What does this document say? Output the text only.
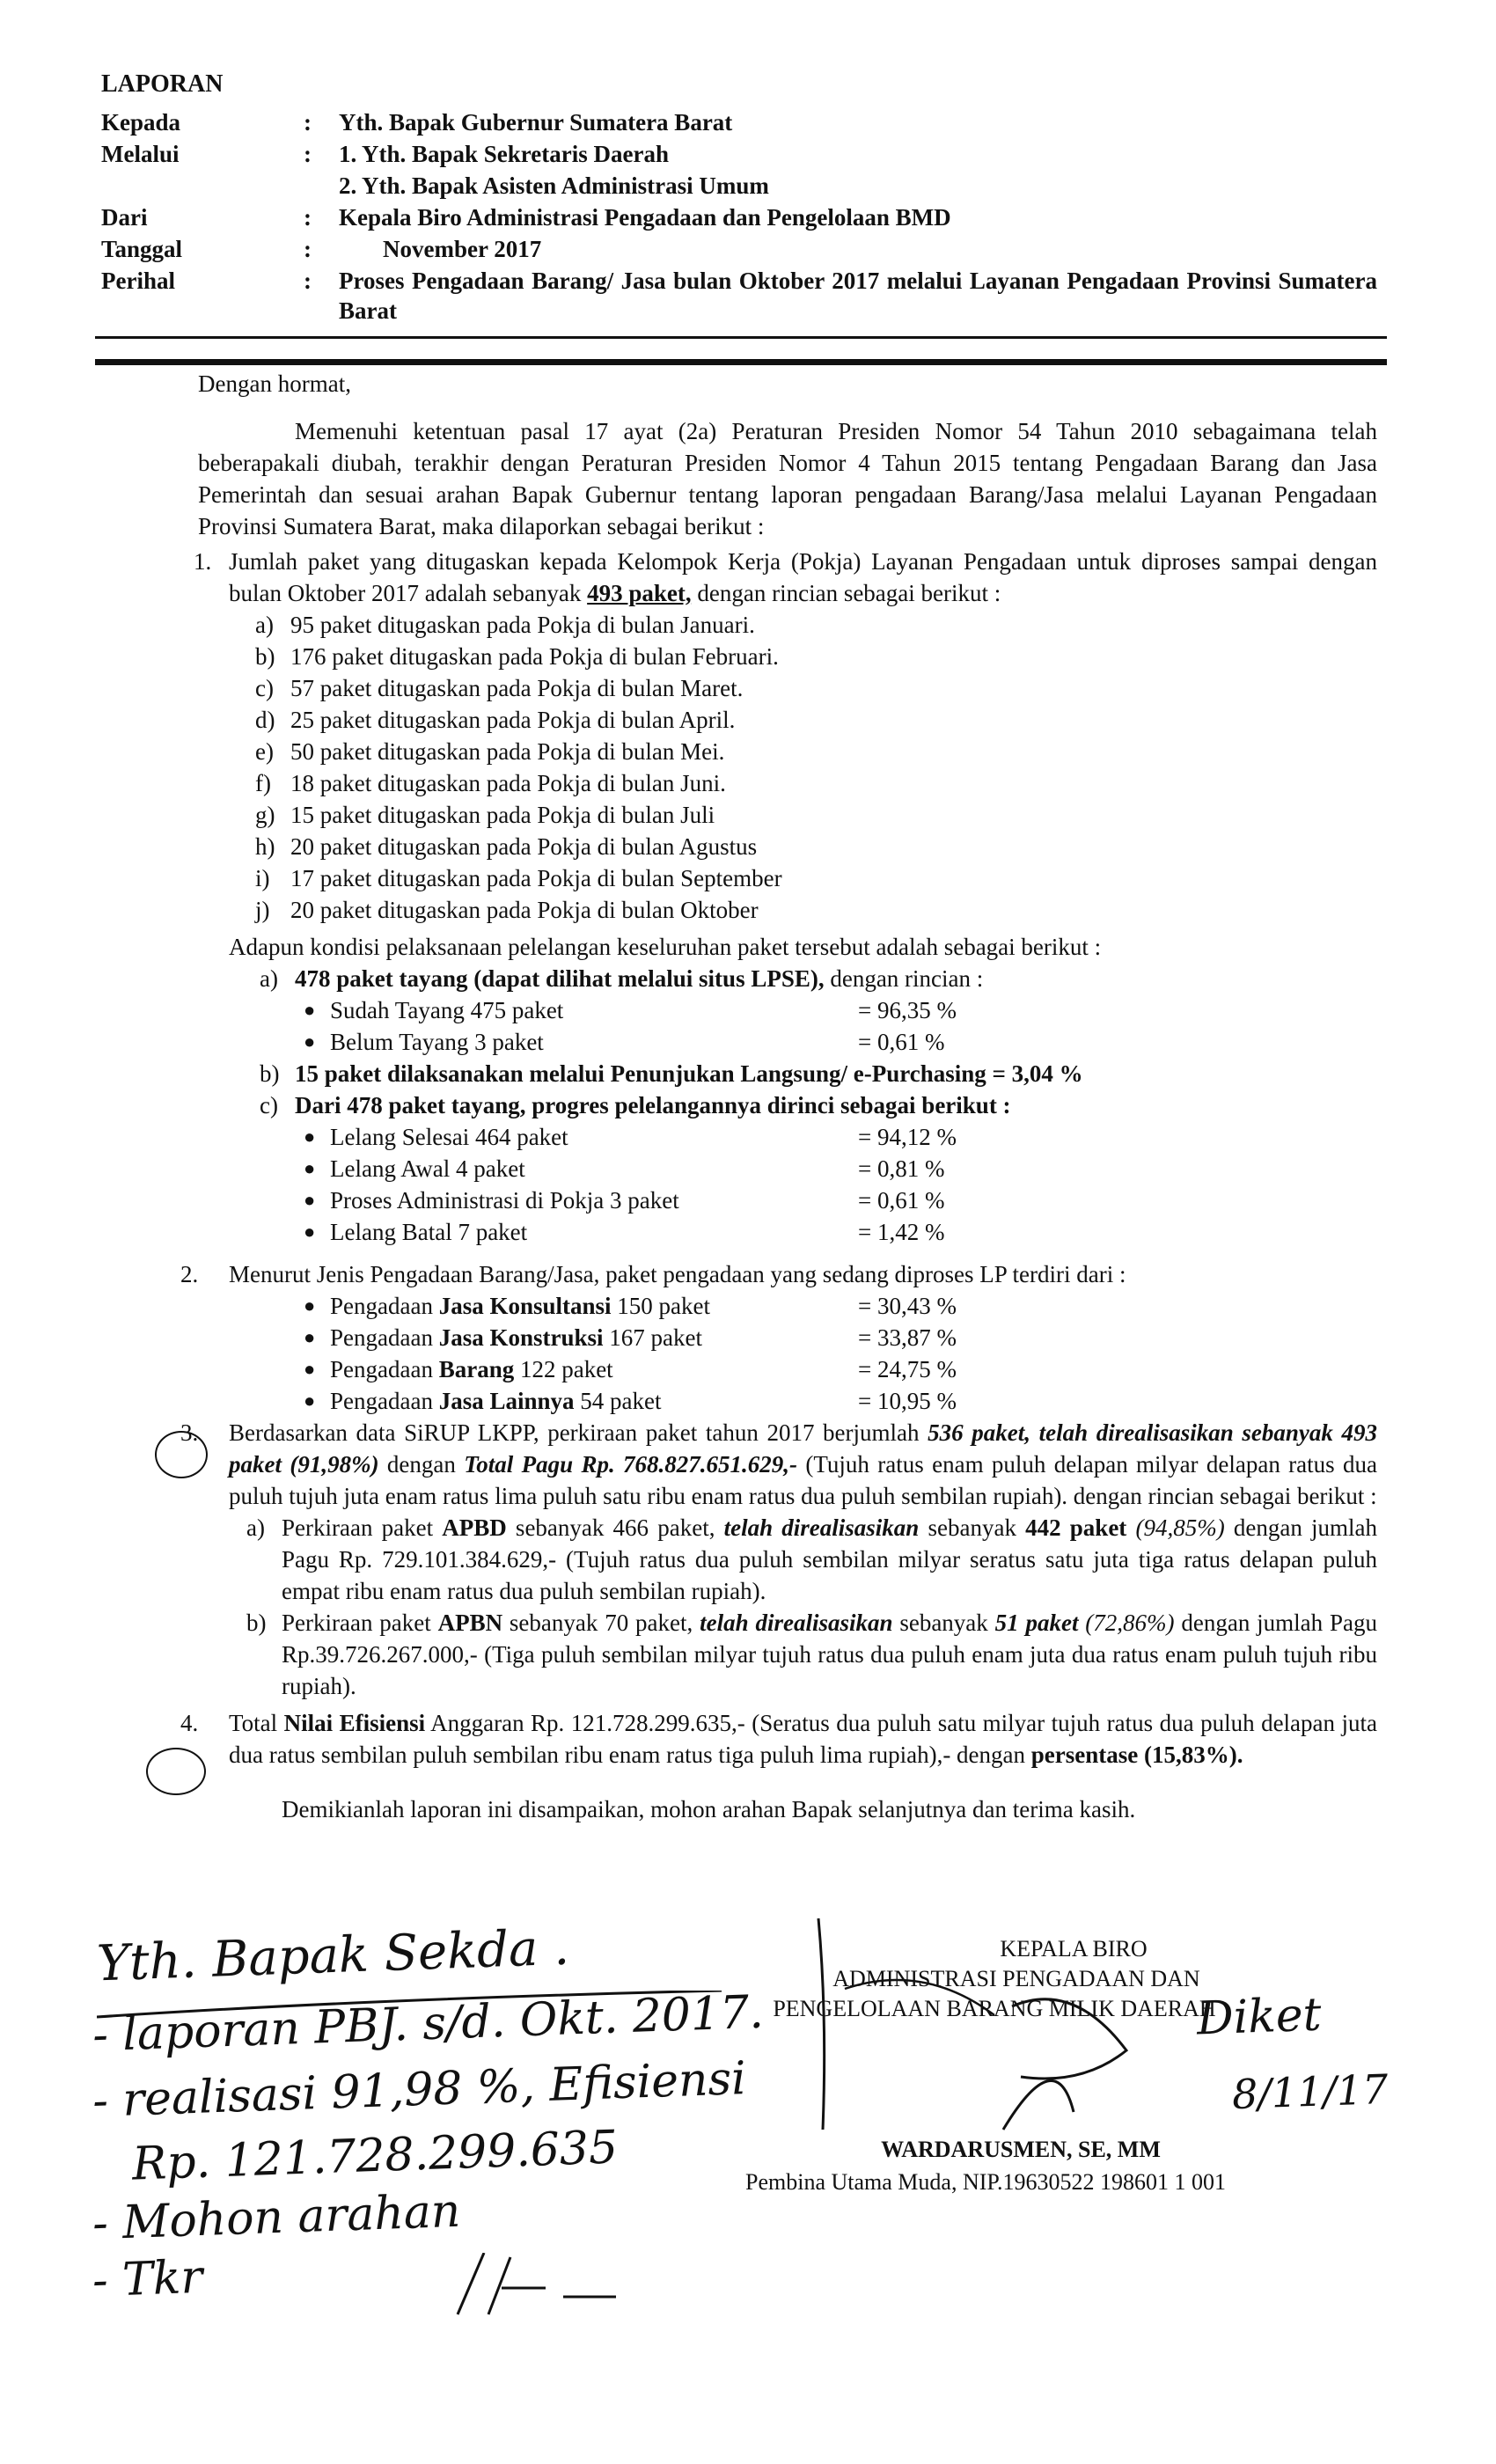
LAPORAN
Kepada	:	Yth. Bapak Gubernur Sumatera Barat
Melalui	:	1. Yth. Bapak Sekretaris Daerah
2. Yth. Bapak Asisten Administrasi Umum
Dari	:	Kepala Biro Administrasi Pengadaan dan Pengelolaan BMD
Tanggal	:	November 2017
Perihal	:	Proses Pengadaan Barang/ Jasa bulan Oktober 2017 melalui Layanan Pengadaan Provinsi Sumatera Barat

Dengan hormat,

Memenuhi ketentuan pasal 17 ayat (2a) Peraturan Presiden Nomor 54 Tahun 2010 sebagaimana telah beberapakali diubah, terakhir dengan Peraturan Presiden Nomor 4 Tahun 2015 tentang Pengadaan Barang dan Jasa Pemerintah dan sesuai arahan Bapak Gubernur tentang laporan pengadaan Barang/Jasa melalui Layanan Pengadaan Provinsi Sumatera Barat, maka dilaporkan sebagai berikut :

1. Jumlah paket yang ditugaskan kepada Kelompok Kerja (Pokja) Layanan Pengadaan untuk diproses sampai dengan bulan Oktober 2017 adalah sebanyak 493 paket, dengan rincian sebagai berikut :
a) 95 paket ditugaskan pada Pokja di bulan Januari.
b) 176 paket ditugaskan pada Pokja di bulan Februari.
c) 57 paket ditugaskan pada Pokja di bulan Maret.
d) 25 paket ditugaskan pada Pokja di bulan April.
e) 50 paket ditugaskan pada Pokja di bulan Mei.
f) 18 paket ditugaskan pada Pokja di bulan Juni.
g) 15 paket ditugaskan pada Pokja di bulan Juli
h) 20 paket ditugaskan pada Pokja di bulan Agustus
i) 17 paket ditugaskan pada Pokja di bulan September
j) 20 paket ditugaskan pada Pokja di bulan Oktober

Adapun kondisi pelaksanaan pelelangan keseluruhan paket tersebut adalah sebagai berikut :

a) 478 paket tayang (dapat dilihat melalui situs LPSE), dengan rincian :
● Sudah Tayang 475 paket	= 96,35 %
● Belum Tayang 3 paket	= 0,61 %
b) 15 paket dilaksanakan melalui Penunjukan Langsung/ e-Purchasing = 3,04 %
c) Dari 478 paket tayang, progres pelelangannya dirinci sebagai berikut :
● Lelang Selesai 464 paket	= 94,12 %
● Lelang Awal 4 paket	= 0,81 %
● Proses Administrasi di Pokja 3 paket	= 0,61 %
● Lelang Batal 7 paket	= 1,42 %
2.	Menurut Jenis Pengadaan Barang/Jasa, paket pengadaan yang sedang diproses LP terdiri dari :
● Pengadaan Jasa Konsultansi 150 paket	= 30,43 %
● Pengadaan Jasa Konstruksi 167 paket	= 33,87 %
● Pengadaan Barang 122 paket	= 24,75 %
● Pengadaan Jasa Lainnya 54 paket	= 10,95 %
3.	Berdasarkan data SiRUP LKPP, perkiraan paket tahun 2017 berjumlah 536 paket, telah direalisasikan sebanyak 493 paket (91,98%) dengan Total Pagu Rp. 768.827.651.629,- (Tujuh ratus enam puluh delapan milyar delapan ratus dua puluh tujuh juta enam ratus lima puluh satu ribu enam ratus dua puluh sembilan rupiah). dengan rincian sebagai berikut :
a) Perkiraan paket APBD sebanyak 466 paket, telah direalisasikan sebanyak 442 paket (94,85%) dengan jumlah Pagu Rp. 729.101.384.629,- (Tujuh ratus dua puluh sembilan milyar seratus satu juta tiga ratus delapan puluh empat ribu enam ratus dua puluh sembilan rupiah).
b) Perkiraan paket APBN sebanyak 70 paket, telah direalisasikan sebanyak 51 paket (72,86%) dengan jumlah Pagu Rp.39.726.267.000,- (Tiga puluh sembilan milyar tujuh ratus dua puluh enam juta dua ratus enam puluh tujuh ribu rupiah).
4.	Total Nilai Efisiensi Anggaran Rp. 121.728.299.635,- (Seratus dua puluh satu milyar tujuh ratus dua puluh delapan juta dua ratus sembilan puluh sembilan ribu enam ratus tiga puluh lima rupiah),- dengan persentase (15,83%).

Demikianlah laporan ini disampaikan, mohon arahan Bapak selanjutnya dan terima kasih.

KEPALA BIRO
ADMINISTRASI PENGADAAN DAN
PENGELOLAAN BARANG MILIK DAERAH
WARDARUSMEN, SE, MM
Pembina Utama Muda, NIP.19630522 198601 1 001
Diket
8/11/17
Yth. Bapak Sekda .
- laporan PBJ. s/d. Okt. 2017.
- realisasi 91,98 %, Efisiensi
Rp. 121.728.299.635
- Mohon arahan
- Tkr
